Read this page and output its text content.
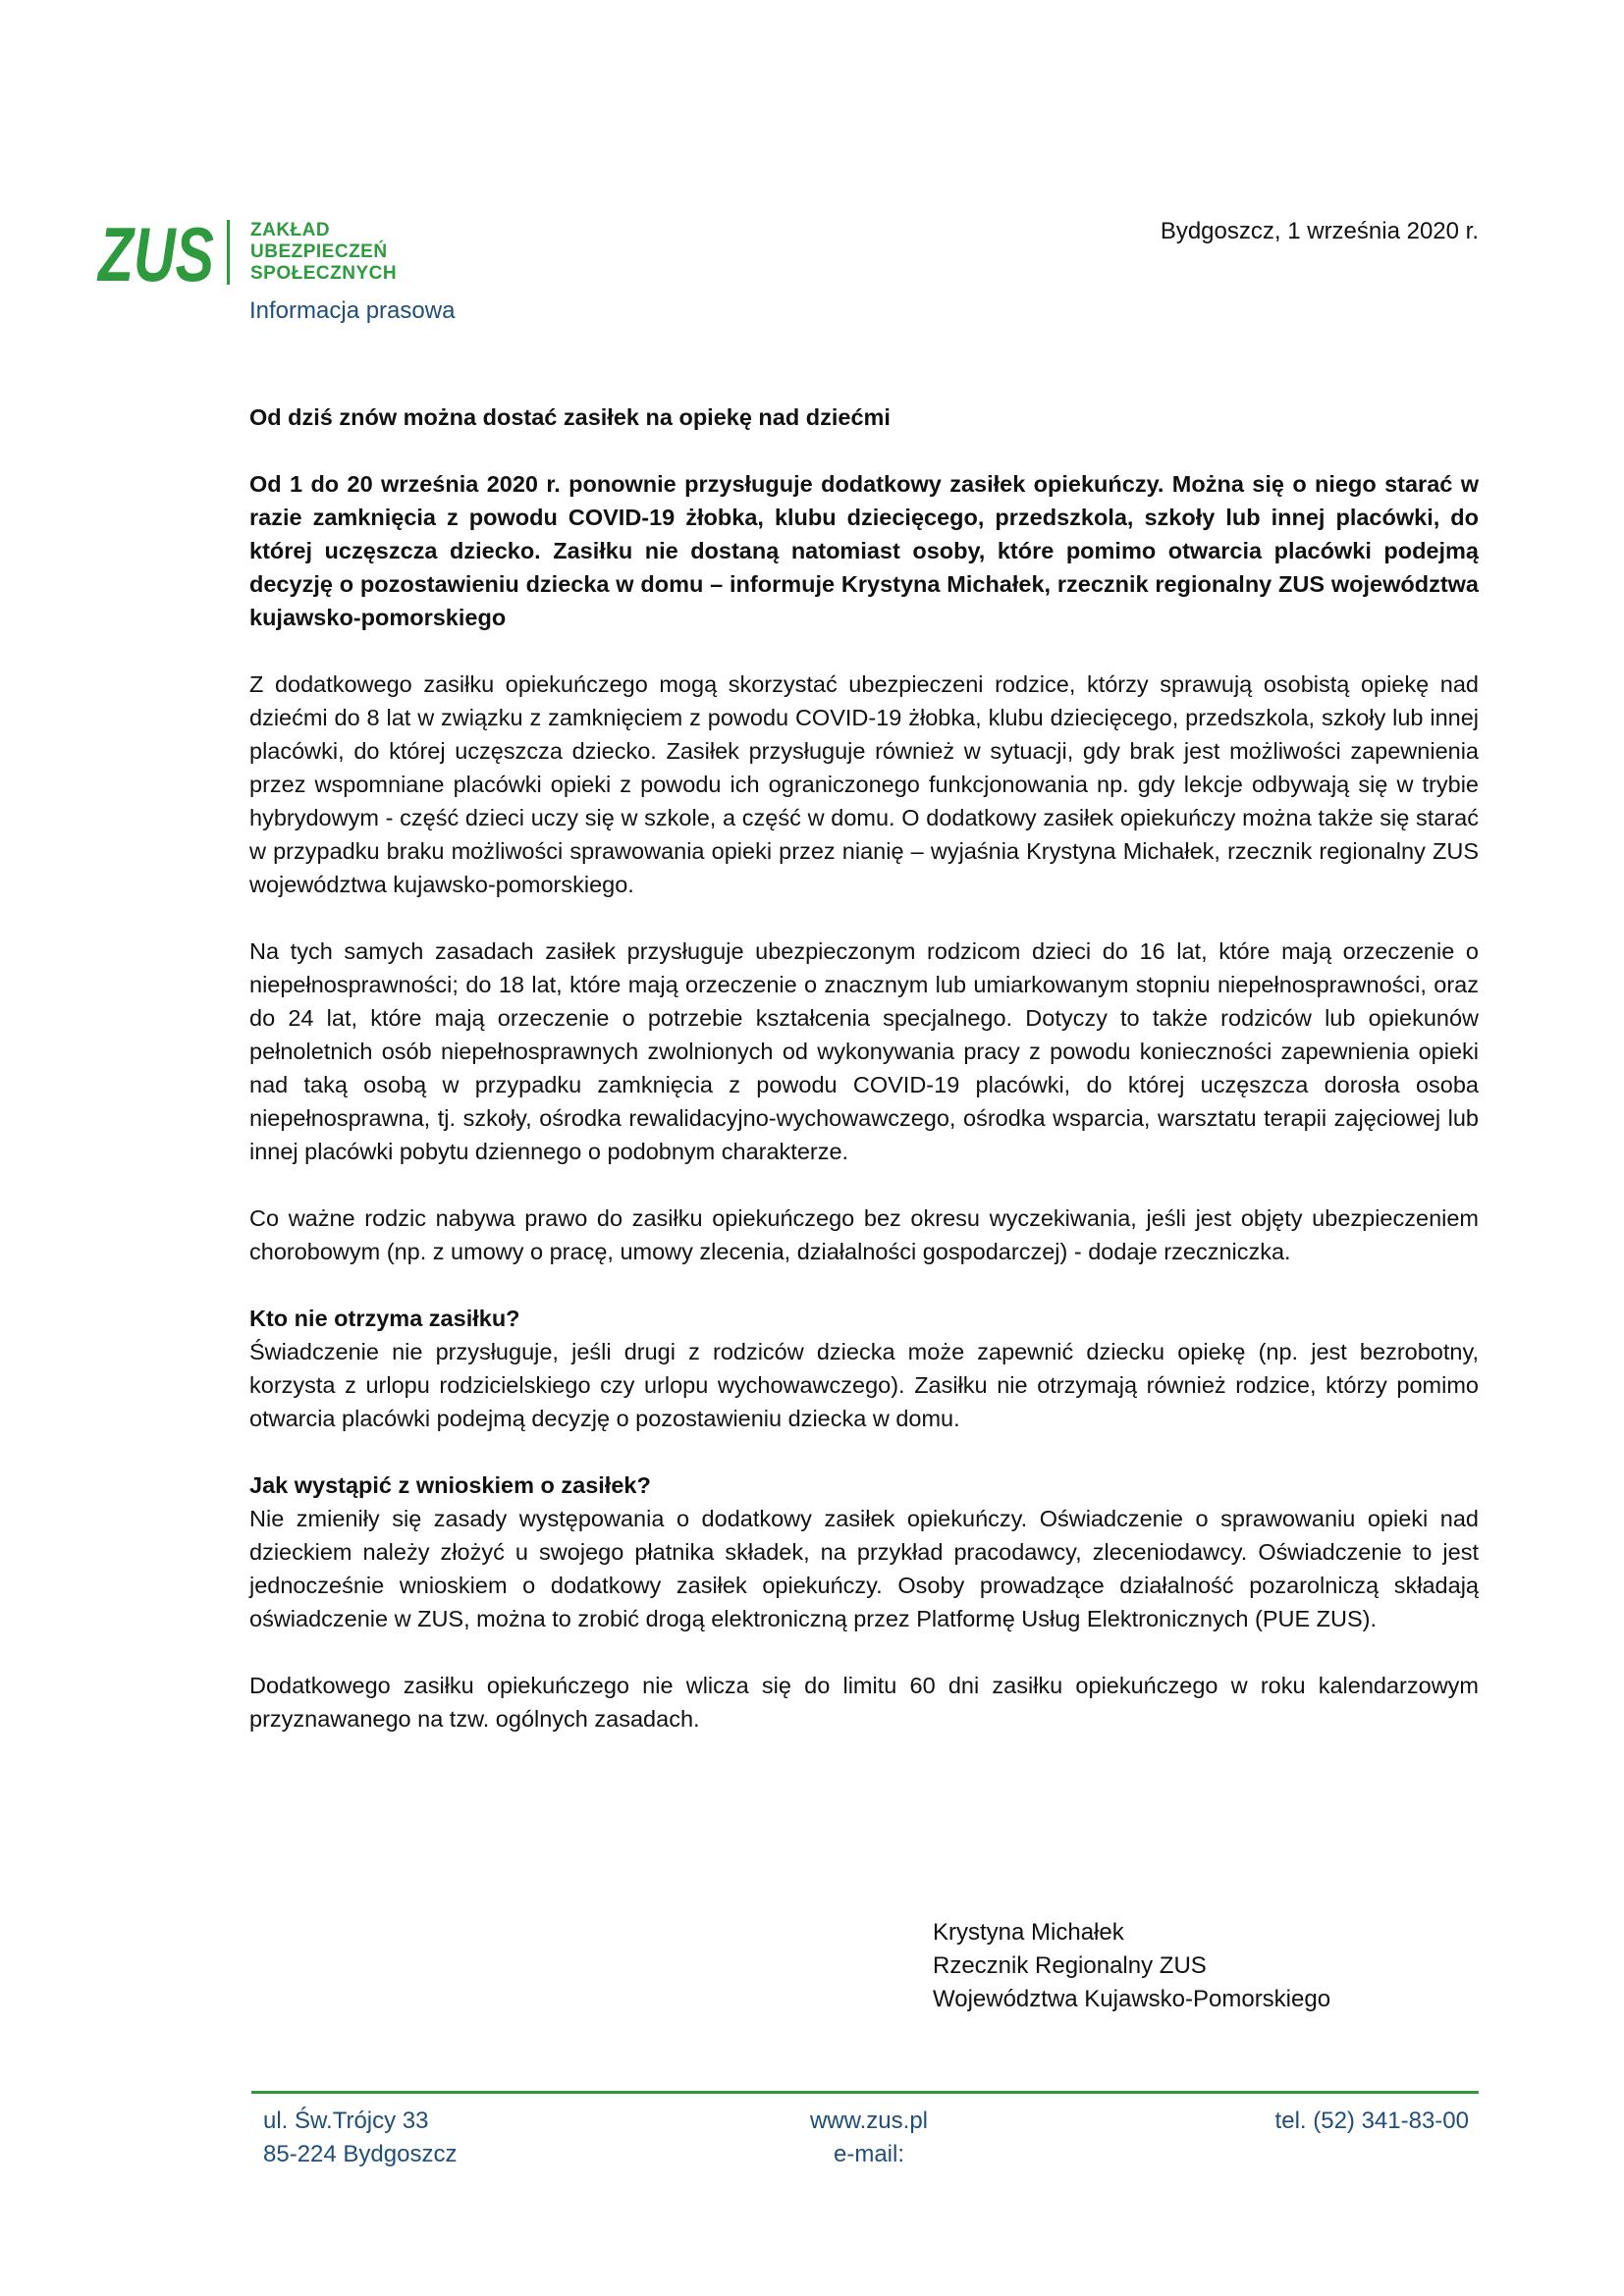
ZUS ZAKŁAD
UBEZPIECZEŃ
SPOŁECZNYCH
Informacja prasowa
Bydgoszcz, 1 września 2020 r.

Od dziś znów można dostać zasiłek na opiekę nad dziećmi

Od 1 do 20 września 2020 r. ponownie przysługuje dodatkowy zasiłek opiekuńczy. Można się o niego starać w razie zamknięcia z powodu COVID-19 żłobka, klubu dziecięcego, przedszkola, szkoły lub innej placówki, do której uczęszcza dziecko. Zasiłku nie dostaną natomiast osoby, które pomimo otwarcia placówki podejmą decyzję o pozostawieniu dziecka w domu – informuje Krystyna Michałek, rzecznik regionalny ZUS województwa kujawsko-pomorskiego

Z dodatkowego zasiłku opiekuńczego mogą skorzystać ubezpieczeni rodzice, którzy sprawują osobistą opiekę nad dziećmi do 8 lat w związku z zamknięciem z powodu COVID-19 żłobka, klubu dziecięcego, przedszkola, szkoły lub innej placówki, do której uczęszcza dziecko. Zasiłek przysługuje również w sytuacji, gdy brak jest możliwości zapewnienia przez wspomniane placówki opieki z powodu ich ograniczonego funkcjonowania np. gdy lekcje odbywają się w trybie hybrydowym - część dzieci uczy się w szkole, a część w domu. O dodatkowy zasiłek opiekuńczy można także się starać w przypadku braku możliwości sprawowania opieki przez nianię – wyjaśnia Krystyna Michałek, rzecznik regionalny ZUS województwa kujawsko-pomorskiego.

Na tych samych zasadach zasiłek przysługuje ubezpieczonym rodzicom dzieci do 16 lat, które mają orzeczenie o niepełnosprawności; do 18 lat, które mają orzeczenie o znacznym lub umiarkowanym stopniu niepełnosprawności, oraz do 24 lat, które mają orzeczenie o potrzebie kształcenia specjalnego. Dotyczy to także rodziców lub opiekunów pełnoletnich osób niepełnosprawnych zwolnionych od wykonywania pracy z powodu konieczności zapewnienia opieki nad taką osobą w przypadku zamknięcia z powodu COVID-19 placówki, do której uczęszcza dorosła osoba niepełnosprawna, tj. szkoły, ośrodka rewalidacyjno-wychowawczego, ośrodka wsparcia, warsztatu terapii zajęciowej lub innej placówki pobytu dziennego o podobnym charakterze.

Co ważne rodzic nabywa prawo do zasiłku opiekuńczego bez okresu wyczekiwania, jeśli jest objęty ubezpieczeniem chorobowym (np. z umowy o pracę, umowy zlecenia, działalności gospodarczej) - dodaje rzeczniczka.

Kto nie otrzyma zasiłku?

Świadczenie nie przysługuje, jeśli drugi z rodziców dziecka może zapewnić dziecku opiekę (np. jest bezrobotny, korzysta z urlopu rodzicielskiego czy urlopu wychowawczego). Zasiłku nie otrzymają również rodzice, którzy pomimo otwarcia placówki podejmą decyzję o pozostawieniu dziecka w domu.

Jak wystąpić z wnioskiem o zasiłek?

Nie zmieniły się zasady występowania o dodatkowy zasiłek opiekuńczy. Oświadczenie o sprawowaniu opieki nad dzieckiem należy złożyć u swojego płatnika składek, na przykład pracodawcy, zleceniodawcy. Oświadczenie to jest jednocześnie wnioskiem o dodatkowy zasiłek opiekuńczy. Osoby prowadzące działalność pozarolniczą składają oświadczenie w ZUS, można to zrobić drogą elektroniczną przez Platformę Usług Elektronicznych (PUE ZUS).

Dodatkowego zasiłku opiekuńczego nie wlicza się do limitu 60 dni zasiłku opiekuńczego w roku kalendarzowym przyznawanego na tzw. ogólnych zasadach.

Krystyna Michałek
Rzecznik Regionalny ZUS
Województwa Kujawsko-Pomorskiego
ul. Św.Trójcy 33
85-224 Bydgoszcz
www.zus.pl
e-mail:
tel. (52) 341-83-00
